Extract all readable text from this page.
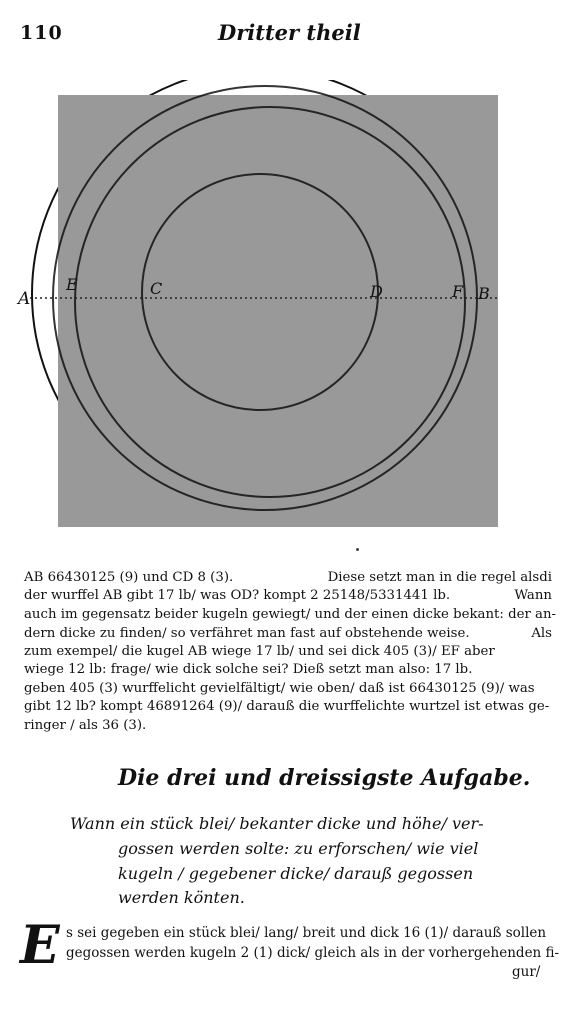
110	Dritter theil
A
E	C	D	F B
AB 66430125 (9) und CD 8 (3).	Diese setzt man in die regel alsdi
der wurffel AB gibt 17 lb/ was OD? kompt 2 25148/5331441 lb.	Wann
auch im gegensatz beider kugeln gewiegt/ und der einen dicke bekant: der an-
dern dicke zu finden/ so verfähret man fast auf obstehende weise.	Als
zum exempel/ die kugel AB wiege 17 lb/ und sei dick 405 (3)/ EF aber
wiege 12 lb: frage/ wie dick solche sei? Dieß setzt man also: 17 lb.
geben 405 (3) wurffelicht gevielfältigt/ wie oben/ daß ist 66430125 (9)/ was
gibt 12 lb? kompt 46891264 (9)/ darauß die wurffelichte wurtzel ist etwas ge-
ringer / als 36 (3).
Die drei und dreissigste Aufgabe.
Wann ein stück blei/ bekanter dicke und höhe/ ver-
gossen werden solte: zu erforschen/ wie viel
kugeln / gegebener dicke/ darauß gegossen
werden könten.
E s sei gegeben ein stück blei/ lang/ breit und dick 16 (1)/ darauß sollen
gegossen werden kugeln 2 (1) dick/ gleich als in der vorhergehenden fi-
gur/
